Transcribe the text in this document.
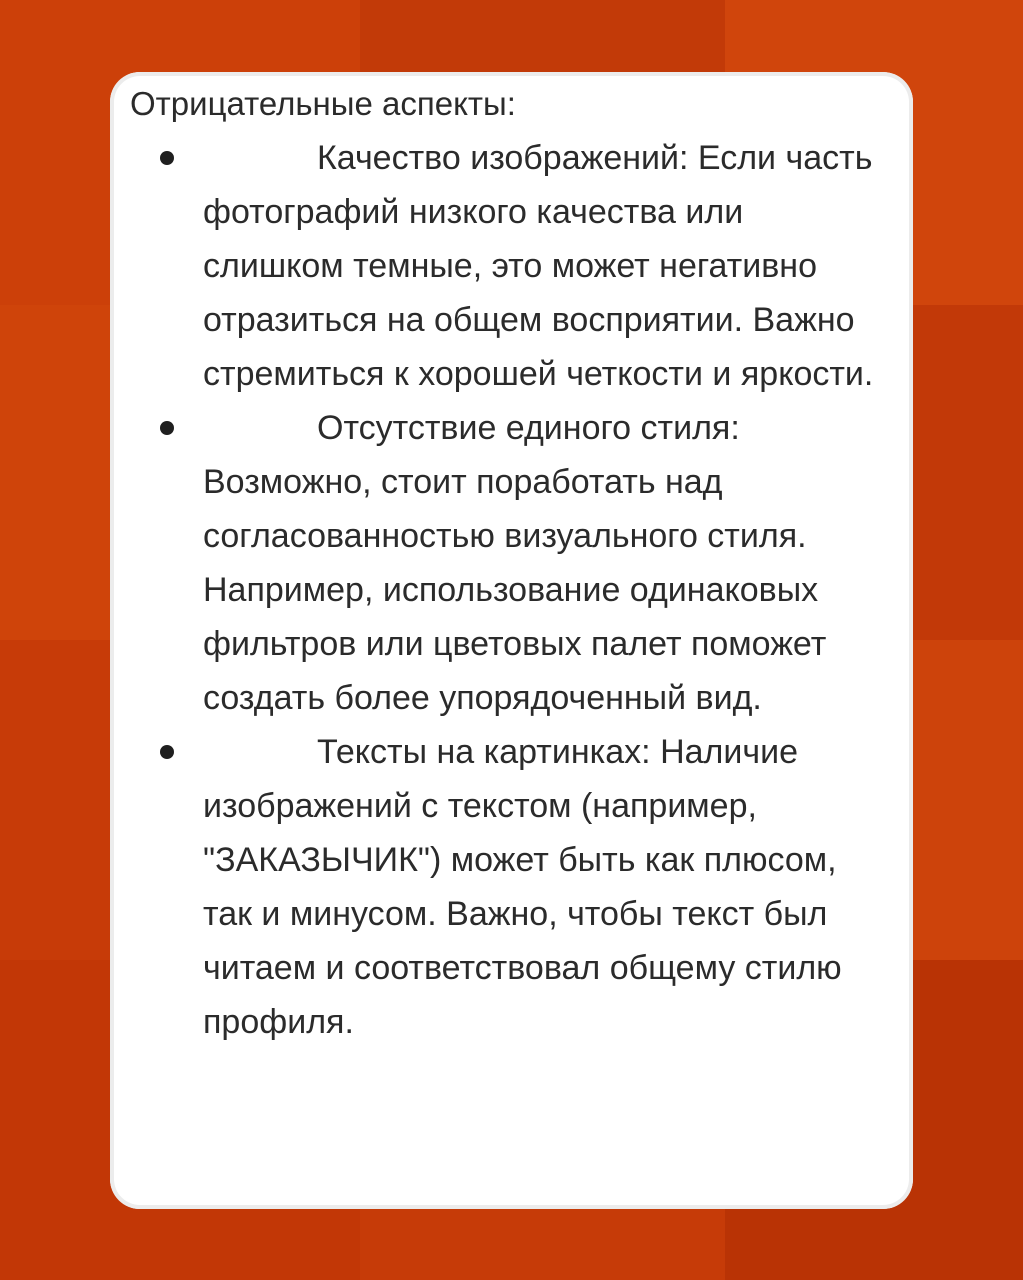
Отрицательные аспекты:
Качество изображений: Если часть фотографий низкого качества или слишком темные, это может негативно отразиться на общем восприятии. Важно стремиться к хорошей четкости и яркости.
Отсутствие единого стиля: Возможно, стоит поработать над согласованностью визуального стиля. Например, использование одинаковых фильтров или цветовых палет поможет создать более упорядоченный вид.
Тексты на картинках: Наличие изображений с текстом (например, "ЗАКАЗЫЧИК") может быть как плюсом, так и минусом. Важно, чтобы текст был читаем и соответствовал общему стилю профиля.
